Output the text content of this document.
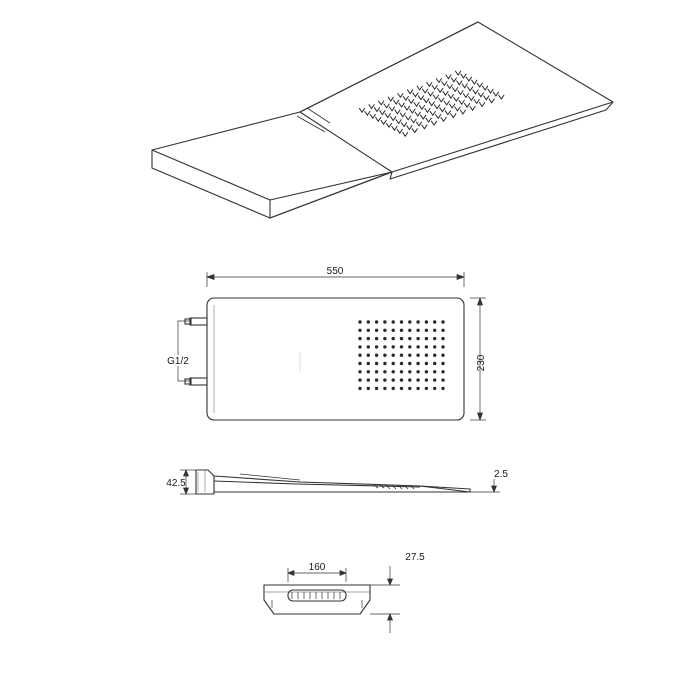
550
230
G1/2
42.5
2.5
160
27.5
